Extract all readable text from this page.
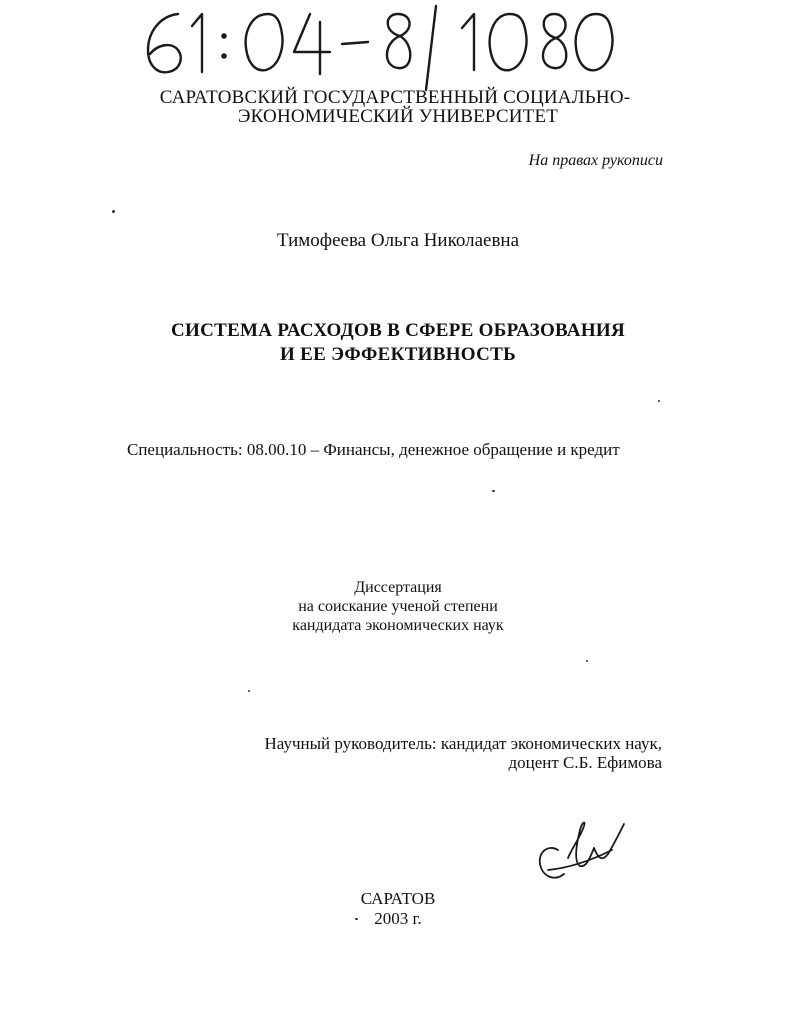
САРАТОВСКИЙ ГОСУДАРСТВЕННЫЙ СОЦИАЛЬНО-
ЭКОНОМИЧЕСКИЙ УНИВЕРСИТЕТ
На правах рукописи
Тимофеева Ольга Николаевна
СИСТЕМА РАСХОДОВ В СФЕРЕ ОБРАЗОВАНИЯ
И ЕЕ ЭФФЕКТИВНОСТЬ
Специальность: 08.00.10 – Финансы, денежное обращение и кредит
Диссертация
на соискание ученой степени
кандидата экономических наук
Научный руководитель: кандидат экономических наук,
доцент С.Б. Ефимова
САРАТОВ
2003 г.
